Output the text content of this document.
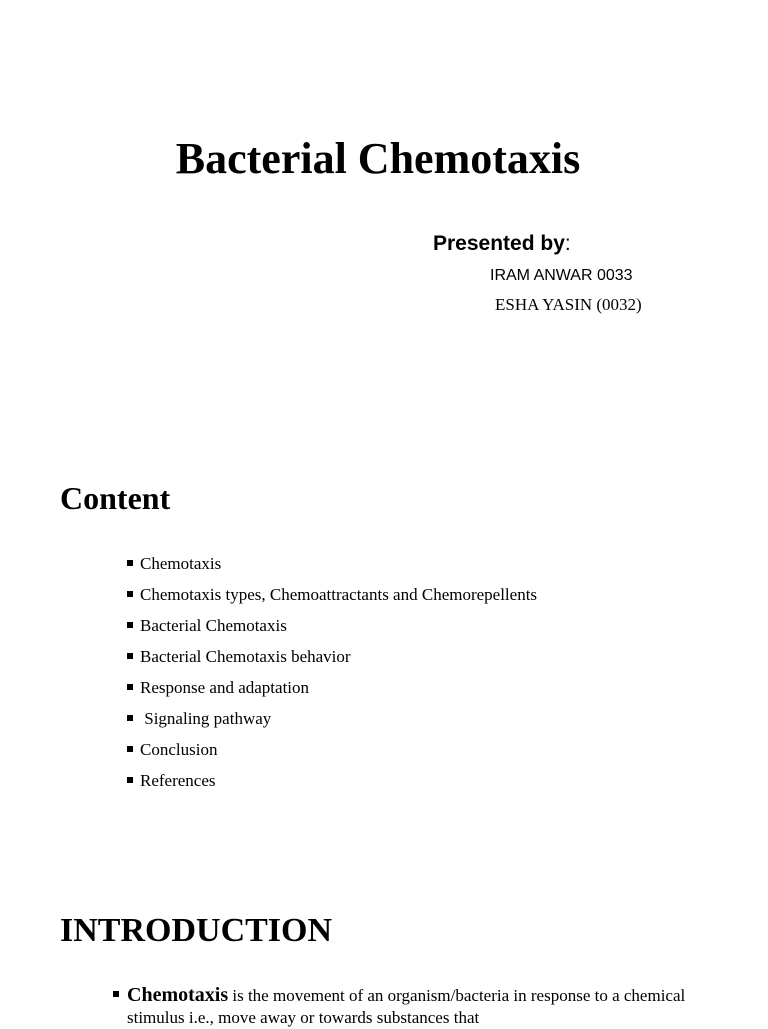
Bacterial Chemotaxis
Presented by:
IRAM ANWAR 0033
ESHA YASIN (0032)
Content
Chemotaxis
Chemotaxis types, Chemoattractants and Chemorepellents
Bacterial Chemotaxis
Bacterial Chemotaxis behavior
Response and adaptation
Signaling pathway
Conclusion
References
INTRODUCTION
Chemotaxis is the movement of an organism/bacteria in response to a chemical stimulus i.e., move away or towards substances that
